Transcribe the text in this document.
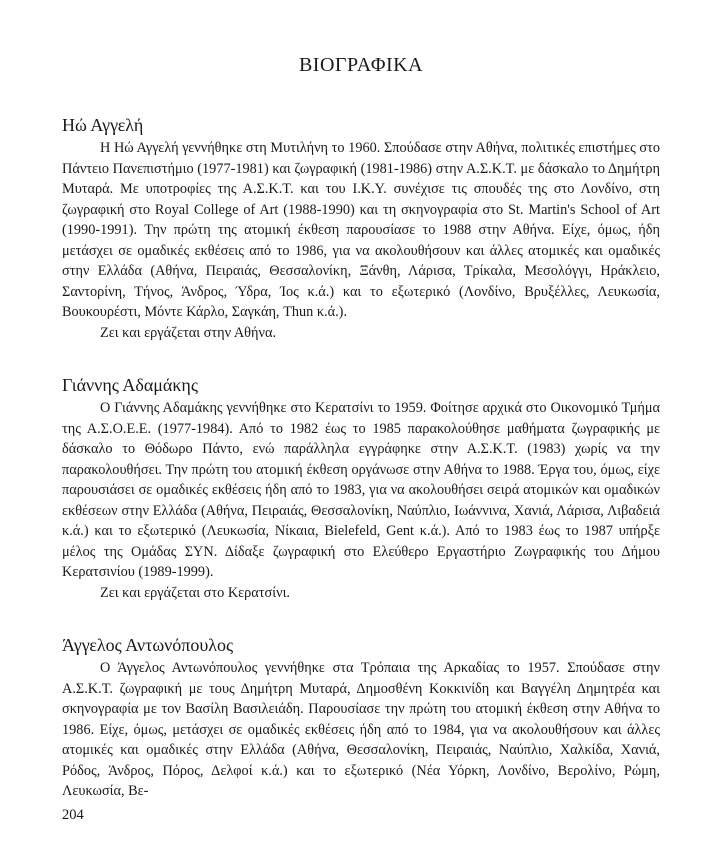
ΒΙΟΓΡΑΦΙΚΑ
Ηώ Αγγελή

Η Ηώ Αγγελή γεννήθηκε στη Μυτιλήνη το 1960. Σπούδασε στην Αθήνα, πολιτικές επιστήμες στο Πάντειο Πανεπιστήμιο (1977-1981) και ζωγραφική (1981-1986) στην Α.Σ.Κ.Τ. με δάσκαλο το Δημήτρη Μυταρά. Με υποτροφίες της Α.Σ.Κ.Τ. και του Ι.Κ.Υ. συνέχισε τις σπουδές της στο Λονδίνο, στη ζωγραφική στο Royal College of Art (1988-1990) και τη σκηνογραφία στο St. Martin's School of Art (1990-1991). Την πρώτη της ατομική έκθεση παρουσίασε το 1988 στην Αθήνα. Είχε, όμως, ήδη μετάσχει σε ομαδικές εκθέσεις από το 1986, για να ακολουθήσουν και άλλες ατομικές και ομαδικές στην Ελλάδα (Αθήνα, Πειραιάς, Θεσσαλονίκη, Ξάνθη, Λάρισα, Τρίκαλα, Μεσολόγγι, Ηράκλειο, Σαντορίνη, Τήνος, Άνδρος, Ύδρα, Ίος κ.ά.) και το εξωτερικό (Λονδίνο, Βρυξέλλες, Λευκωσία, Βουκουρέστι, Μόντε Κάρλο, Σαγκάη, Thun κ.ά.).

Ζει και εργάζεται στην Αθήνα.

Γιάννης Αδαμάκης

Ο Γιάννης Αδαμάκης γεννήθηκε στο Κερατσίνι το 1959. Φοίτησε αρχικά στο Οικονομικό Τμήμα της Α.Σ.Ο.Ε.Ε. (1977-1984). Από το 1982 έως το 1985 παρακολούθησε μαθήματα ζωγραφικής με δάσκαλο το Θόδωρο Πάντο, ενώ παράλληλα εγγράφηκε στην Α.Σ.Κ.Τ. (1983) χωρίς να την παρακολουθήσει. Την πρώτη του ατομική έκθεση οργάνωσε στην Αθήνα το 1988. Έργα του, όμως, είχε παρουσιάσει σε ομαδικές εκθέσεις ήδη από το 1983, για να ακολουθήσει σειρά ατομικών και ομαδικών εκθέσεων στην Ελλάδα (Αθήνα, Πειραιάς, Θεσσαλονίκη, Ναύπλιο, Ιωάννινα, Χανιά, Λάρισα, Λιβαδειά κ.ά.) και το εξωτερικό (Λευκωσία, Νίκαια, Bielefeld, Gent κ.ά.). Από το 1983 έως το 1987 υπήρξε μέλος της Ομάδας ΣΥΝ. Δίδαξε ζωγραφική στο Ελεύθερο Εργαστήριο Ζωγραφικής του Δήμου Κερατσινίου (1989-1999).

Ζει και εργάζεται στο Κερατσίνι.

Άγγελος Αντωνόπουλος

Ο Άγγελος Αντωνόπουλος γεννήθηκε στα Τρόπαια της Αρκαδίας το 1957. Σπούδασε στην Α.Σ.Κ.Τ. ζωγραφική με τους Δημήτρη Μυταρά, Δημοσθένη Κοκκινίδη και Βαγγέλη Δημητρέα και σκηνογραφία με τον Βασίλη Βασιλειάδη. Παρουσίασε την πρώτη του ατομική έκθεση στην Αθήνα το 1986. Είχε, όμως, μετάσχει σε ομαδικές εκθέσεις ήδη από το 1984, για να ακολουθήσουν και άλλες ατομικές και ομαδικές στην Ελλάδα (Αθήνα, Θεσσαλονίκη, Πειραιάς, Ναύπλιο, Χαλκίδα, Χανιά, Ρόδος, Άνδρος, Πόρος, Δελφοί κ.ά.) και το εξωτερικό (Νέα Υόρκη, Λονδίνο, Βερολίνο, Ρώμη, Λευκωσία, Βε-

204
